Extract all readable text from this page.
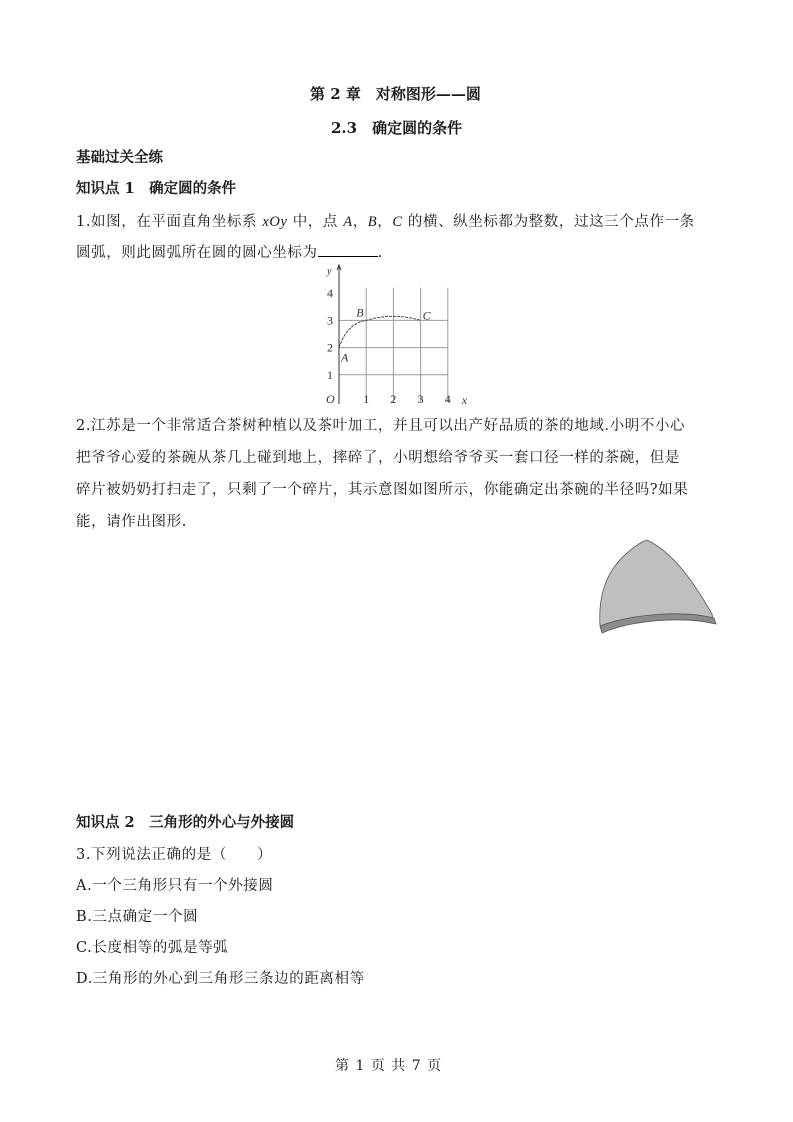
第 2 章　对称图形——圆
2.3　确定圆的条件
基础过关全练
知识点 1　确定圆的条件
1.如图，在平面直角坐标系 xOy 中，点 A，B，C 的横、纵坐标都为整数，过这三个点作一条
圆弧，则此圆弧所在圆的圆心坐标为	.
y
x
O 1 2 3 4
1
2
3
4
A
B	C
2.江苏是一个非常适合茶树种植以及茶叶加工，并且可以出产好品质的茶的地域.小明不小心
把爷爷心爱的茶碗从茶几上碰到地上，摔碎了，小明想给爷爷买一套口径一样的茶碗，但是
碎片被奶奶打扫走了，只剩了一个碎片，其示意图如图所示，你能确定出茶碗的半径吗?如果
能，请作出图形.
知识点 2　三角形的外心与外接圆
3.下列说法正确的是（　　）
A.一个三角形只有一个外接圆
B.三点确定一个圆
C.长度相等的弧是等弧
D.三角形的外心到三角形三条边的距离相等
第 1 页 共 7 页
